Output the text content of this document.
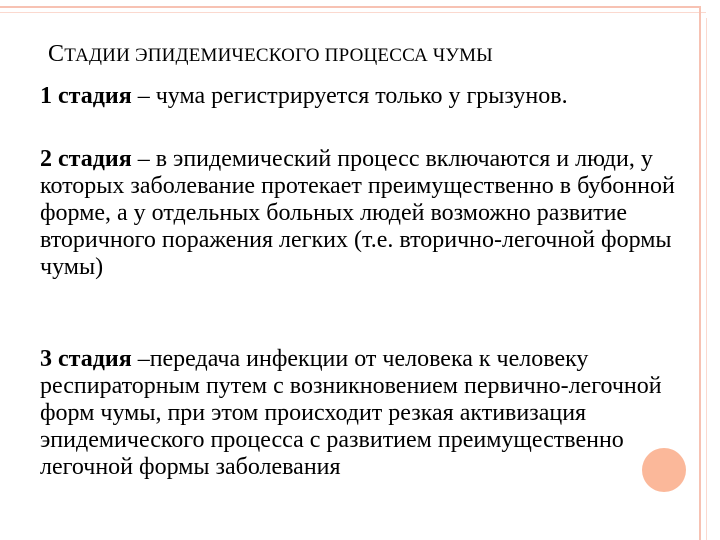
СТАДИИ ЭПИДЕМИЧЕСКОГО ПРОЦЕССА ЧУМЫ
1 стадия – чума регистрируется только у грызунов.
2 стадия – в эпидемический процесс включаются и люди, у которых заболевание протекает преимущественно в бубонной форме, а у отдельных больных людей возможно развитие вторичного поражения легких (т.е. вторично-легочной формы чумы)
3 стадия –передача инфекции от человека к человеку респираторным путем с возникновением первично-легочной форм чумы, при этом происходит резкая активизация эпидемического процесса с развитием преимущественно легочной формы заболевания
